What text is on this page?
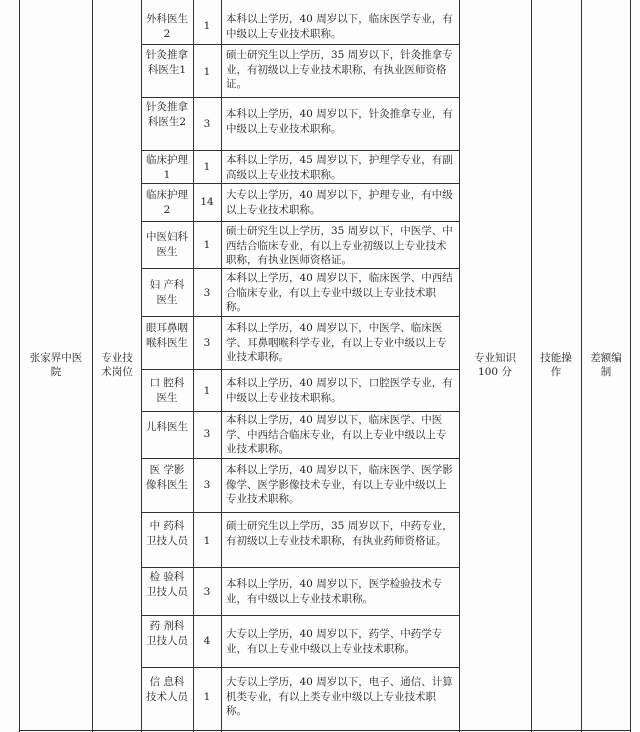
张家界中医院
专业技术岗位
专业知识 100 分
技能操作
差额编制
外科医生2
1
本科以上学历，40 周岁以下，临床医学专业，有中级以上专业技术职称。
针灸推拿科医生1	1
硕士研究生以上学历，35 周岁以下，针灸推拿专业，有初级以上专业技术职称，有执业医师资格证。
针灸推拿科医生2	3
本科以上学历，40 周岁以下，针灸推拿专业，有中级以上专业技术职称。
临床护理1
1
本科以上学历，45 周岁以下，护理学专业，有副高级以上专业技术职称。
临床护理2
14
大专以上学历，40 周岁以下，护理专业，有中级以上专业技术职称。
中医妇科医生
1
硕士研究生以上学历，35 周岁以下，中医学、中西结合临床专业，有以上专业初级以上专业技术职称，有执业医师资格证。
妇 产科医生
3
本科以上学历，40 周岁以下，临床医学、中西结合临床专业，有以上专业中级以上专业技术职称。
眼耳鼻咽喉科医生	3
本科以上学历，40 周岁以下，中医学、临床医学、耳鼻咽喉科学专业，有以上专业中级以上专业技术职称。
口 腔科医生
1
本科以上学历，40 周岁以下，口腔医学专业，有中级以上专业技术职称。
儿科医生
3
本科以上学历，40 周岁以下，临床医学、中医学、中西结合临床专业，有以上专业中级以上专业技术职称。
医 学影像科医生	3
本科以上学历，40 周岁以下，临床医学、医学影像学、医学影像技术专业，有以上专业中级以上专业技术职称。
中 药科卫技人员	1
硕士研究生以上学历，35 周岁以下，中药专业，有初级以上专业技术职称，有执业药师资格证。
检 验科卫技人员	3
本科以上学历，40 周岁以下，医学检验技术专业，有中级以上专业技术职称。
药 剂科卫技人员	4
大专以上学历，40 周岁以下，药学、中药学专业，有以上专业中级以上专业技术职称。
信 息科技术人员	1
大专以上学历，40 周岁以下，电子、通信、计算机类专业，有以上类专业中级以上专业技术职称。
